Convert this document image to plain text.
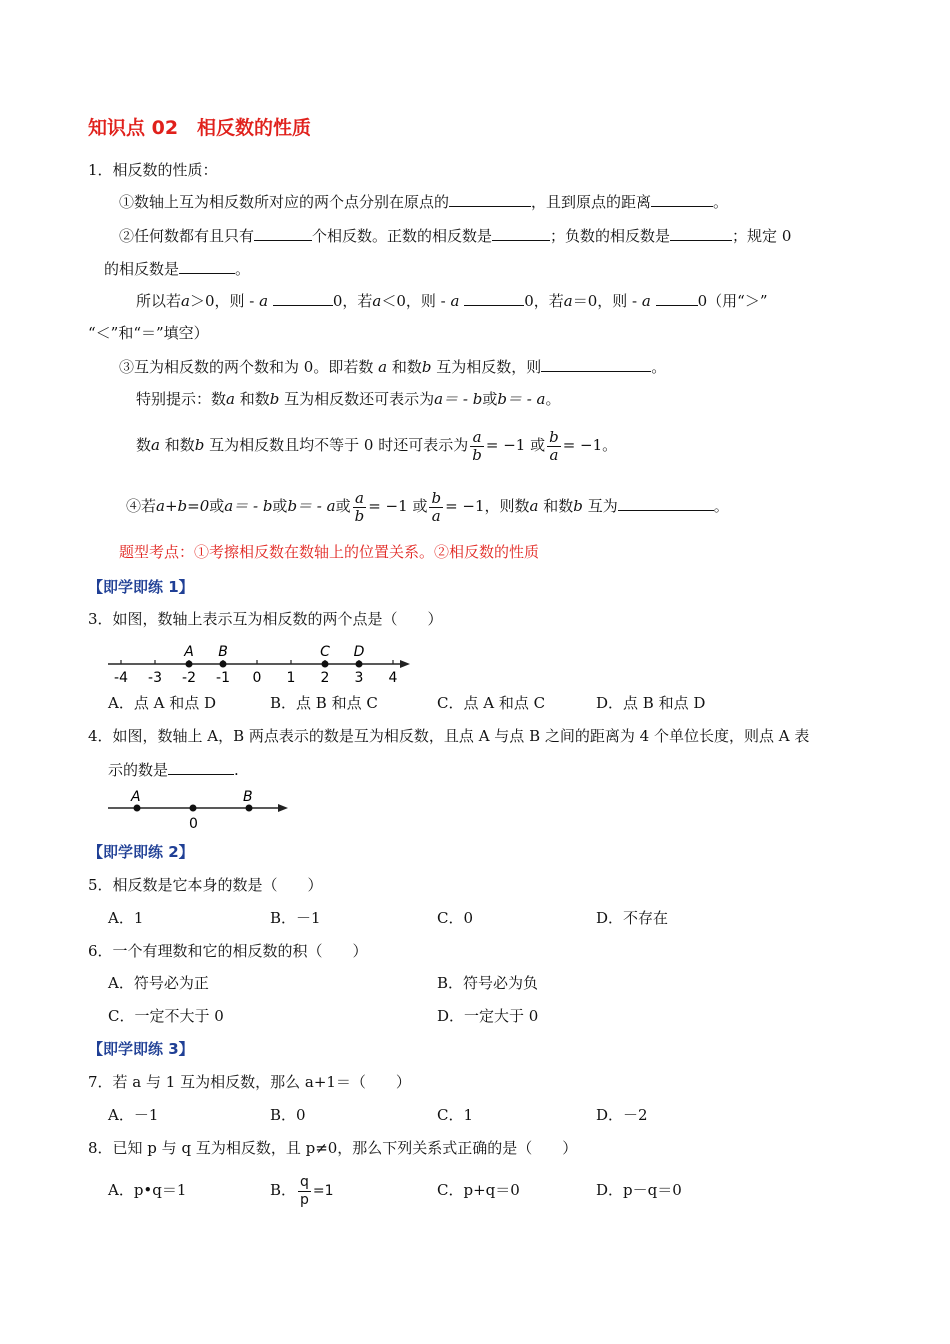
知识点 02　相反数的性质
1．相反数的性质：
①数轴上互为相反数所对应的两个点分别在原点的	，且到原点的距离	。
②任何数都有且只有	个相反数。正数的相反数是	；负数的相反数是	；规定 0
的相反数是	。
所以若a＞0，则 - a	0，若a＜0，则 - a	0，若a＝0，则 - a	0（用“＞”
“＜”和“＝”填空）
③互为相反数的两个数和为 0。即若数 a 和数b 互为相反数，则	。
特别提示：数a 和数b 互为相反数还可表示为a＝ - b或b＝ - a。
数a 和数b 互为相反数且均不等于 0 时还可表示为 $\frac{a}{b} = -1$ 或 $\frac{b}{a} = -1$。
④若a+b=0或a＝ - b或b＝ - a或 $\frac{a}{b} = -1$ 或 $\frac{b}{a} = -1$，则数a 和数b 互为	。
题型考点：①考擦相反数在数轴上的位置关系。②相反数的性质
【即学即练 1】
3．如图，数轴上表示互为相反数的两个点是（　　）
-4 -3 -2 -1 0 1 2 3 4
A B	C D
A．点 A 和点 D	B．点 B 和点 C	C．点 A 和点 C	D．点 B 和点 D
4．如图，数轴上 A，B 两点表示的数是互为相反数，且点 A 与点 B 之间的距离为 4 个单位长度，则点 A 表
示的数是	.
A	B
0
【即学即练 2】
5．相反数是它本身的数是（　　）
A．1	B．－1	C．0	D．不存在
6．一个有理数和它的相反数的积（　　）
A．符号必为正	B．符号必为负
C．一定不大于 0	D．一定大于 0
【即学即练 3】
7．若 a 与 1 互为相反数，那么 a+1＝（　　）
A．－1	B．0	C．1	D．－2
8．已知 p 与 q 互为相反数，且 p≠0，那么下列关系式正确的是（　　）
A．p•q＝1	B． $\frac{q}{p} =1$	C．p+q＝0	D．p－q＝0
